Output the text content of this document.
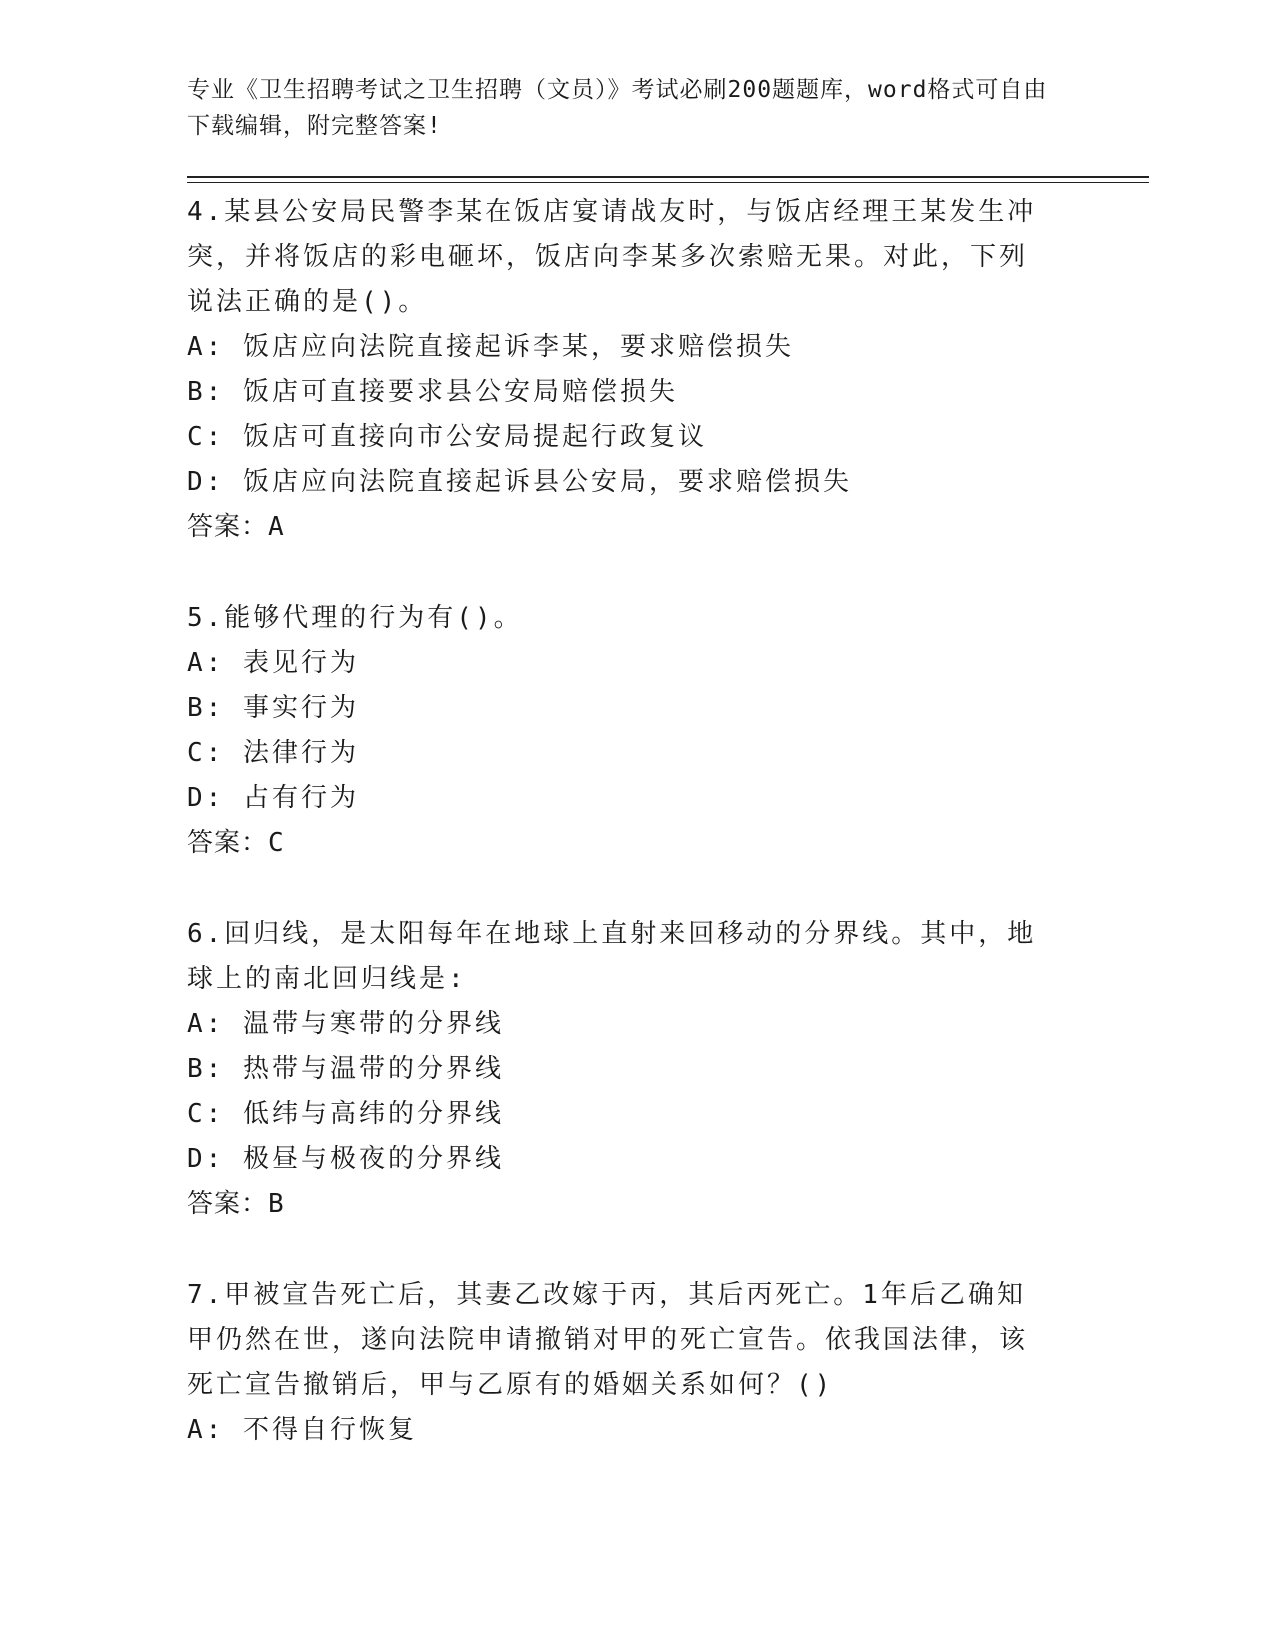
专业《卫生招聘考试之卫生招聘（文员）》考试必刷200题题库，word格式可自由下载编辑，附完整答案!

4.某县公安局民警李某在饭店宴请战友时，与饭店经理王某发生冲突，并将饭店的彩电砸坏，饭店向李某多次索赔无果。对此，下列说法正确的是()。

A: 饭店应向法院直接起诉李某，要求赔偿损失

B: 饭店可直接要求县公安局赔偿损失

C: 饭店可直接向市公安局提起行政复议

D: 饭店应向法院直接起诉县公安局，要求赔偿损失

答案：A

5.能够代理的行为有()。

A: 表见行为

B: 事实行为

C: 法律行为

D: 占有行为

答案：C

6.回归线，是太阳每年在地球上直射来回移动的分界线。其中，地球上的南北回归线是:

A: 温带与寒带的分界线

B: 热带与温带的分界线

C: 低纬与高纬的分界线

D: 极昼与极夜的分界线

答案：B

7.甲被宣告死亡后，其妻乙改嫁于丙，其后丙死亡。1年后乙确知甲仍然在世，遂向法院申请撤销对甲的死亡宣告。依我国法律，该死亡宣告撤销后，甲与乙原有的婚姻关系如何？()

A: 不得自行恢复
